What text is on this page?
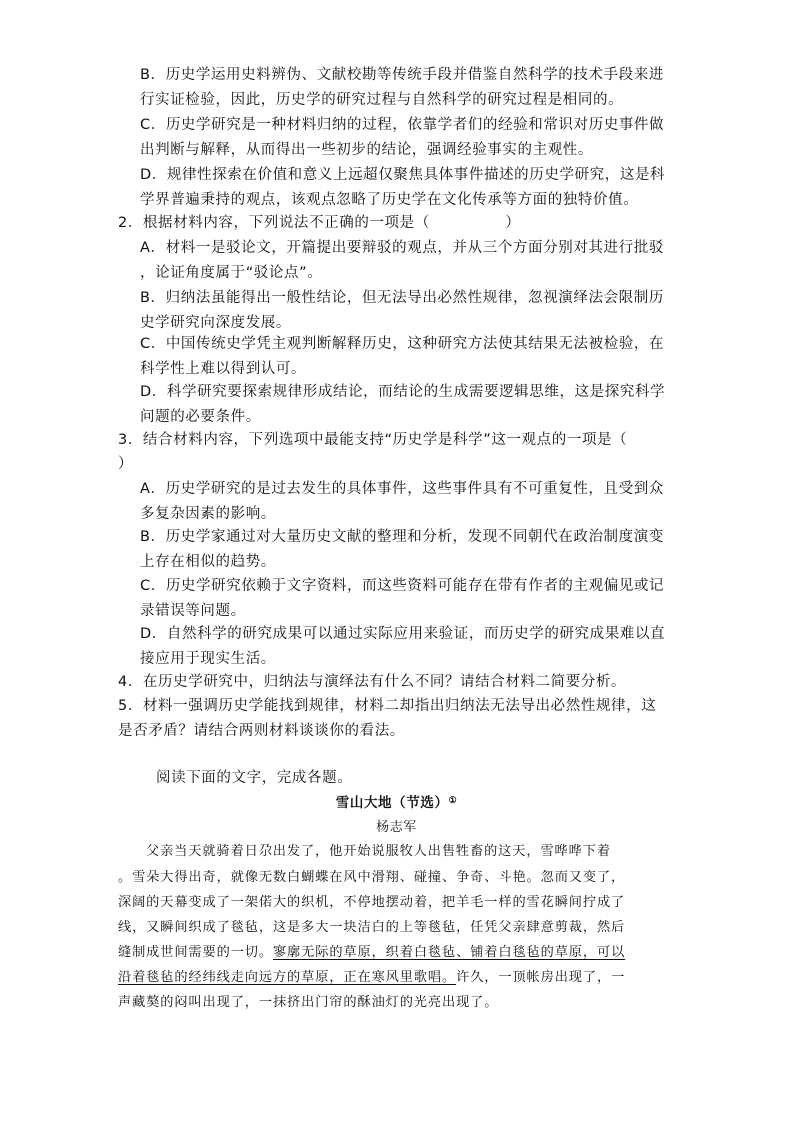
B．历史学运用史料辨伪、文献校勘等传统手段并借鉴自然科学的技术手段来进
行实证检验，因此，历史学的研究过程与自然科学的研究过程是相同的。
C．历史学研究是一种材料归纳的过程，依靠学者们的经验和常识对历史事件做
出判断与解释，从而得出一些初步的结论，强调经验事实的主观性。
D．规律性探索在价值和意义上远超仅聚焦具体事件描述的历史学研究，这是科
学界普遍秉持的观点，该观点忽略了历史学在文化传承等方面的独特价值。
2．根据材料内容，下列说法不正确的一项是（　　　　　）
A．材料一是驳论文，开篇提出要辩驳的观点，并从三个方面分别对其进行批驳
，论证角度属于“驳论点”。
B．归纳法虽能得出一般性结论，但无法导出必然性规律，忽视演绎法会限制历
史学研究向深度发展。
C．中国传统史学凭主观判断解释历史，这种研究方法使其结果无法被检验，在
科学性上难以得到认可。
D．科学研究要探索规律形成结论，而结论的生成需要逻辑思维，这是探究科学
问题的必要条件。
3．结合材料内容，下列选项中最能支持“历史学是科学”这一观点的一项是（
）
A．历史学研究的是过去发生的具体事件，这些事件具有不可重复性，且受到众
多复杂因素的影响。
B．历史学家通过对大量历史文献的整理和分析，发现不同朝代在政治制度演变
上存在相似的趋势。
C．历史学研究依赖于文字资料，而这些资料可能存在带有作者的主观偏见或记
录错误等问题。
D．自然科学的研究成果可以通过实际应用来验证，而历史学的研究成果难以直
接应用于现实生活。
4．在历史学研究中，归纳法与演绎法有什么不同？请结合材料二简要分析。
5．材料一强调历史学能找到规律，材料二却指出归纳法无法导出必然性规律，这
是否矛盾？请结合两则材料谈谈你的看法。
阅读下面的文字，完成各题。
雪山大地（节选）①
杨志军
父亲当天就骑着日尕出发了，他开始说服牧人出售牲畜的这天，雪哗哗下着
。雪朵大得出奇，就像无数白蝴蝶在风中滑翔、碰撞、争奇、斗艳。忽而又变了，
深阔的天幕变成了一架偌大的织机，不停地摆动着，把羊毛一样的雪花瞬间拧成了
线，又瞬间织成了毯毡，这是多大一块洁白的上等毯毡，任凭父亲肆意剪裁，然后
缝制成世间需要的一切。寥廓无际的草原，织着白毯毡、铺着白毯毡的草原，可以
沿着毯毡的经纬线走向远方的草原，正在寒风里歌唱。许久，一顶帐房出现了，一
声藏獒的闷叫出现了，一抹挤出门帘的酥油灯的光亮出现了。
